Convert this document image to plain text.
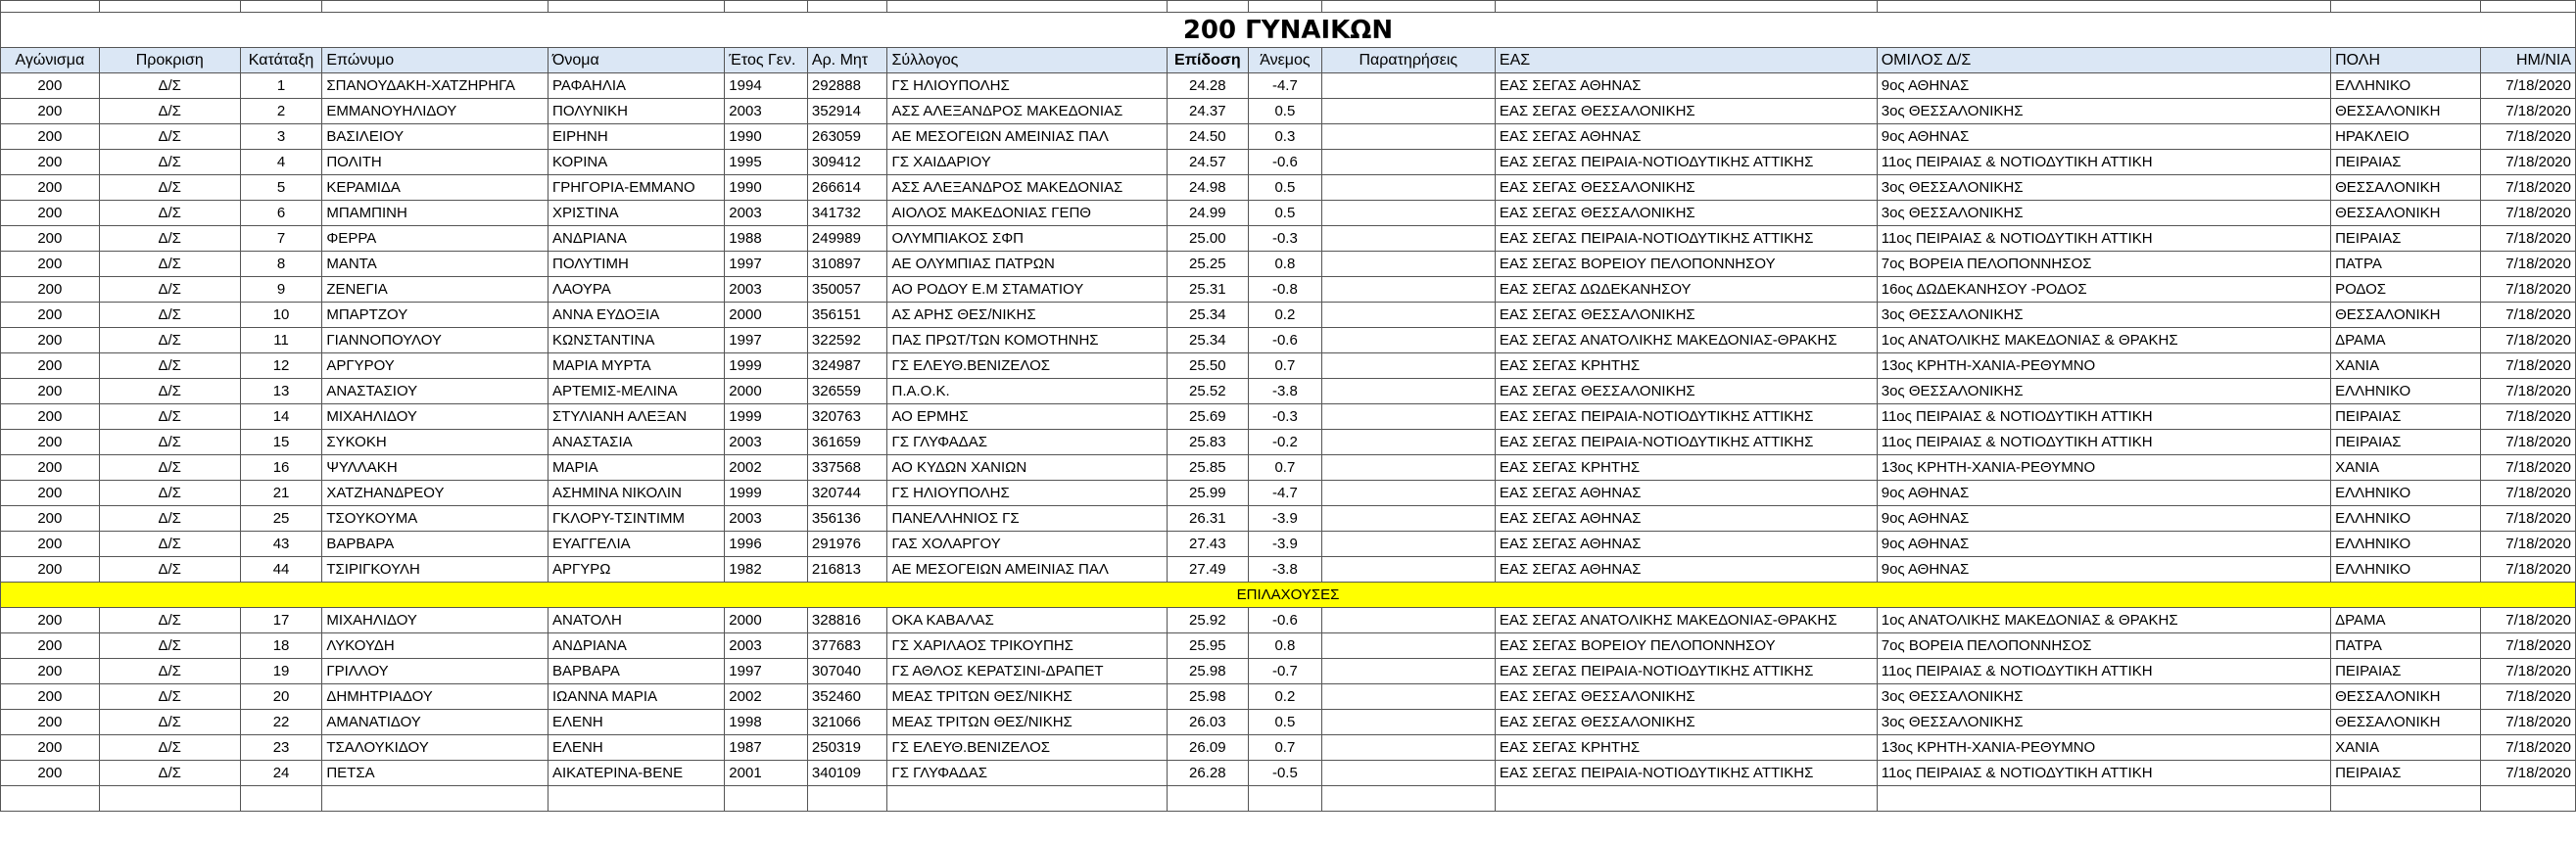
200 ΓΥΝΑΙΚΩΝ														
Αγώνισμα	Προκριση	Κατάταξη	Επώνυμο	Όνομα	Έτος Γεν.	Αρ. Μητ	Σύλλογος	Επίδοση	Άνεμος	Παρατηρήσεις	ΕΑΣ	ΟΜΙΛΟΣ Δ/Σ	ΠΟΛΗ	ΗΜ/ΝΙΑ
200	Δ/Σ	1	ΣΠΑΝΟΥΔΑΚΗ-ΧΑΤΖΗΡΗΓΑ	ΡΑΦΑΗΛΙΑ	1994	292888	ΓΣ ΗΛΙΟΥΠΟΛΗΣ	24.28	-4.7		ΕΑΣ ΣΕΓΑΣ ΑΘΗΝΑΣ	9ος ΑΘΗΝΑΣ	ΕΛΛΗΝΙΚΟ	7/18/2020
200	Δ/Σ	2	ΕΜΜΑΝΟΥΗΛΙΔΟΥ	ΠΟΛΥΝΙΚΗ	2003	352914	ΑΣΣ ΑΛΕΞΑΝΔΡΟΣ ΜΑΚΕΔΟΝΙΑΣ	24.37	0.5		ΕΑΣ ΣΕΓΑΣ ΘΕΣΣΑΛΟΝΙΚΗΣ	3ος ΘΕΣΣΑΛΟΝΙΚΗΣ	ΘΕΣΣΑΛΟΝΙΚΗ	7/18/2020
200	Δ/Σ	3	ΒΑΣΙΛΕΙΟΥ	ΕΙΡΗΝΗ	1990	263059	ΑΕ ΜΕΣΟΓΕΙΩΝ ΑΜΕΙΝΙΑΣ ΠΑΛ	24.50	0.3		ΕΑΣ ΣΕΓΑΣ ΑΘΗΝΑΣ	9ος ΑΘΗΝΑΣ	ΗΡΑΚΛΕΙΟ	7/18/2020
200	Δ/Σ	4	ΠΟΛΙΤΗ	ΚΟΡΙΝΑ	1995	309412	ΓΣ ΧΑΙΔΑΡΙΟΥ	24.57	-0.6		ΕΑΣ ΣΕΓΑΣ ΠΕΙΡΑΙΑ-ΝΟΤΙΟΔΥΤΙΚΗΣ ΑΤΤΙΚΗΣ	11ος ΠΕΙΡΑΙΑΣ & ΝΟΤΙΟΔΥΤΙΚΗ ΑΤΤΙΚΗ	ΠΕΙΡΑΙΑΣ	7/18/2020
200	Δ/Σ	5	ΚΕΡΑΜΙΔΑ	ΓΡΗΓΟΡΙΑ-ΕΜΜΑΝΟ	1990	266614	ΑΣΣ ΑΛΕΞΑΝΔΡΟΣ ΜΑΚΕΔΟΝΙΑΣ	24.98	0.5		ΕΑΣ ΣΕΓΑΣ ΘΕΣΣΑΛΟΝΙΚΗΣ	3ος ΘΕΣΣΑΛΟΝΙΚΗΣ	ΘΕΣΣΑΛΟΝΙΚΗ	7/18/2020
200	Δ/Σ	6	ΜΠΑΜΠΙΝΗ	ΧΡΙΣΤΙΝΑ	2003	341732	ΑΙΟΛΟΣ ΜΑΚΕΔΟΝΙΑΣ ΓΕΠΘ	24.99	0.5		ΕΑΣ ΣΕΓΑΣ ΘΕΣΣΑΛΟΝΙΚΗΣ	3ος ΘΕΣΣΑΛΟΝΙΚΗΣ	ΘΕΣΣΑΛΟΝΙΚΗ	7/18/2020
200	Δ/Σ	7	ΦΕΡΡΑ	ΑΝΔΡΙΑΝΑ	1988	249989	ΟΛΥΜΠΙΑΚΟΣ ΣΦΠ	25.00	-0.3		ΕΑΣ ΣΕΓΑΣ ΠΕΙΡΑΙΑ-ΝΟΤΙΟΔΥΤΙΚΗΣ ΑΤΤΙΚΗΣ	11ος ΠΕΙΡΑΙΑΣ & ΝΟΤΙΟΔΥΤΙΚΗ ΑΤΤΙΚΗ	ΠΕΙΡΑΙΑΣ	7/18/2020
200	Δ/Σ	8	ΜΑΝΤΑ	ΠΟΛΥΤΙΜΗ	1997	310897	ΑΕ ΟΛΥΜΠΙΑΣ ΠΑΤΡΩΝ	25.25	0.8		ΕΑΣ ΣΕΓΑΣ ΒΟΡΕΙΟΥ ΠΕΛΟΠΟΝΝΗΣΟΥ	7ος ΒΟΡΕΙΑ ΠΕΛΟΠΟΝΝΗΣΟΣ	ΠΑΤΡΑ	7/18/2020
200	Δ/Σ	9	ΖΕΝΕΓΙΑ	ΛΑΟΥΡΑ	2003	350057	ΑΟ ΡΟΔΟΥ Ε.Μ ΣΤΑΜΑΤΙΟΥ	25.31	-0.8		ΕΑΣ ΣΕΓΑΣ ΔΩΔΕΚΑΝΗΣΟΥ	16ος ΔΩΔΕΚΑΝΗΣΟΥ -ΡΟΔΟΣ	ΡΟΔΟΣ	7/18/2020
200	Δ/Σ	10	ΜΠΑΡΤΖΟΥ	ΑΝΝΑ ΕΥΔΟΞΙΑ	2000	356151	ΑΣ ΑΡΗΣ ΘΕΣ/ΝΙΚΗΣ	25.34	0.2		ΕΑΣ ΣΕΓΑΣ ΘΕΣΣΑΛΟΝΙΚΗΣ	3ος ΘΕΣΣΑΛΟΝΙΚΗΣ	ΘΕΣΣΑΛΟΝΙΚΗ	7/18/2020
200	Δ/Σ	11	ΓΙΑΝΝΟΠΟΥΛΟΥ	ΚΩΝΣΤΑΝΤΙΝΑ	1997	322592	ΠΑΣ ΠΡΩΤ/ΤΩΝ ΚΟΜΟΤΗΝΗΣ	25.34	-0.6		ΕΑΣ ΣΕΓΑΣ ΑΝΑΤΟΛΙΚΗΣ ΜΑΚΕΔΟΝΙΑΣ-ΘΡΑΚΗΣ	1ος ΑΝΑΤΟΛΙΚΗΣ ΜΑΚΕΔΟΝΙΑΣ & ΘΡΑΚΗΣ	ΔΡΑΜΑ	7/18/2020
200	Δ/Σ	12	ΑΡΓΥΡΟΥ	ΜΑΡΙΑ ΜΥΡΤΑ	1999	324987	ΓΣ ΕΛΕΥΘ.ΒΕΝΙΖΕΛΟΣ	25.50	0.7		ΕΑΣ ΣΕΓΑΣ ΚΡΗΤΗΣ	13ος ΚΡΗΤΗ-ΧΑΝΙΑ-ΡΕΘΥΜΝΟ	ΧΑΝΙΑ	7/18/2020
200	Δ/Σ	13	ΑΝΑΣΤΑΣΙΟΥ	ΑΡΤΕΜΙΣ-ΜΕΛΙΝΑ	2000	326559	Π.Α.Ο.Κ.	25.52	-3.8		ΕΑΣ ΣΕΓΑΣ ΘΕΣΣΑΛΟΝΙΚΗΣ	3ος ΘΕΣΣΑΛΟΝΙΚΗΣ	ΕΛΛΗΝΙΚΟ	7/18/2020
200	Δ/Σ	14	ΜΙΧΑΗΛΙΔΟΥ	ΣΤΥΛΙΑΝΗ ΑΛΕΞΑΝ	1999	320763	ΑΟ ΕΡΜΗΣ	25.69	-0.3		ΕΑΣ ΣΕΓΑΣ ΠΕΙΡΑΙΑ-ΝΟΤΙΟΔΥΤΙΚΗΣ ΑΤΤΙΚΗΣ	11ος ΠΕΙΡΑΙΑΣ & ΝΟΤΙΟΔΥΤΙΚΗ ΑΤΤΙΚΗ	ΠΕΙΡΑΙΑΣ	7/18/2020
200	Δ/Σ	15	ΣΥΚΟΚΗ	ΑΝΑΣΤΑΣΙΑ	2003	361659	ΓΣ ΓΛΥΦΑΔΑΣ	25.83	-0.2		ΕΑΣ ΣΕΓΑΣ ΠΕΙΡΑΙΑ-ΝΟΤΙΟΔΥΤΙΚΗΣ ΑΤΤΙΚΗΣ	11ος ΠΕΙΡΑΙΑΣ & ΝΟΤΙΟΔΥΤΙΚΗ ΑΤΤΙΚΗ	ΠΕΙΡΑΙΑΣ	7/18/2020
200	Δ/Σ	16	ΨΥΛΛΑΚΗ	ΜΑΡΙΑ	2002	337568	ΑΟ ΚΥΔΩΝ ΧΑΝΙΩΝ	25.85	0.7		ΕΑΣ ΣΕΓΑΣ ΚΡΗΤΗΣ	13ος ΚΡΗΤΗ-ΧΑΝΙΑ-ΡΕΘΥΜΝΟ	ΧΑΝΙΑ	7/18/2020
200	Δ/Σ	21	ΧΑΤΖΗΑΝΔΡΕΟΥ	ΑΣΗΜΙΝΑ ΝΙΚΟΛΙΝ	1999	320744	ΓΣ ΗΛΙΟΥΠΟΛΗΣ	25.99	-4.7		ΕΑΣ ΣΕΓΑΣ ΑΘΗΝΑΣ	9ος ΑΘΗΝΑΣ	ΕΛΛΗΝΙΚΟ	7/18/2020
200	Δ/Σ	25	ΤΣΟΥΚΟΥΜΑ	ΓΚΛΟΡΥ-ΤΣΙΝΤΙΜΜ	2003	356136	ΠΑΝΕΛΛΗΝΙΟΣ ΓΣ	26.31	-3.9		ΕΑΣ ΣΕΓΑΣ ΑΘΗΝΑΣ	9ος ΑΘΗΝΑΣ	ΕΛΛΗΝΙΚΟ	7/18/2020
200	Δ/Σ	43	ΒΑΡΒΑΡΑ	ΕΥΑΓΓΕΛΙΑ	1996	291976	ΓΑΣ ΧΟΛΑΡΓΟΥ	27.43	-3.9		ΕΑΣ ΣΕΓΑΣ ΑΘΗΝΑΣ	9ος ΑΘΗΝΑΣ	ΕΛΛΗΝΙΚΟ	7/18/2020
200	Δ/Σ	44	ΤΣΙΡΙΓΚΟΥΛΗ	ΑΡΓΥΡΩ	1982	216813	ΑΕ ΜΕΣΟΓΕΙΩΝ ΑΜΕΙΝΙΑΣ ΠΑΛ	27.49	-3.8		ΕΑΣ ΣΕΓΑΣ ΑΘΗΝΑΣ	9ος ΑΘΗΝΑΣ	ΕΛΛΗΝΙΚΟ	7/18/2020
ΕΠΙΛΑΧΟΥΣΕΣ														
200	Δ/Σ	17	ΜΙΧΑΗΛΙΔΟΥ	ΑΝΑΤΟΛΗ	2000	328816	ΟΚΑ ΚΑΒΑΛΑΣ	25.92	-0.6		ΕΑΣ ΣΕΓΑΣ ΑΝΑΤΟΛΙΚΗΣ ΜΑΚΕΔΟΝΙΑΣ-ΘΡΑΚΗΣ	1ος ΑΝΑΤΟΛΙΚΗΣ ΜΑΚΕΔΟΝΙΑΣ & ΘΡΑΚΗΣ	ΔΡΑΜΑ	7/18/2020
200	Δ/Σ	18	ΛΥΚΟΥΔΗ	ΑΝΔΡΙΑΝΑ	2003	377683	ΓΣ ΧΑΡΙΛΑΟΣ ΤΡΙΚΟΥΠΗΣ	25.95	0.8		ΕΑΣ ΣΕΓΑΣ ΒΟΡΕΙΟΥ ΠΕΛΟΠΟΝΝΗΣΟΥ	7ος ΒΟΡΕΙΑ ΠΕΛΟΠΟΝΝΗΣΟΣ	ΠΑΤΡΑ	7/18/2020
200	Δ/Σ	19	ΓΡΙΛΛΟΥ	ΒΑΡΒΑΡΑ	1997	307040	ΓΣ ΑΘΛΟΣ ΚΕΡΑΤΣΙΝΙ-ΔΡΑΠΕΤ	25.98	-0.7		ΕΑΣ ΣΕΓΑΣ ΠΕΙΡΑΙΑ-ΝΟΤΙΟΔΥΤΙΚΗΣ ΑΤΤΙΚΗΣ	11ος ΠΕΙΡΑΙΑΣ & ΝΟΤΙΟΔΥΤΙΚΗ ΑΤΤΙΚΗ	ΠΕΙΡΑΙΑΣ	7/18/2020
200	Δ/Σ	20	ΔΗΜΗΤΡΙΑΔΟΥ	ΙΩΑΝΝΑ ΜΑΡΙΑ	2002	352460	ΜΕΑΣ ΤΡΙΤΩΝ ΘΕΣ/ΝΙΚΗΣ	25.98	0.2		ΕΑΣ ΣΕΓΑΣ ΘΕΣΣΑΛΟΝΙΚΗΣ	3ος ΘΕΣΣΑΛΟΝΙΚΗΣ	ΘΕΣΣΑΛΟΝΙΚΗ	7/18/2020
200	Δ/Σ	22	ΑΜΑΝΑΤΙΔΟΥ	ΕΛΕΝΗ	1998	321066	ΜΕΑΣ ΤΡΙΤΩΝ ΘΕΣ/ΝΙΚΗΣ	26.03	0.5		ΕΑΣ ΣΕΓΑΣ ΘΕΣΣΑΛΟΝΙΚΗΣ	3ος ΘΕΣΣΑΛΟΝΙΚΗΣ	ΘΕΣΣΑΛΟΝΙΚΗ	7/18/2020
200	Δ/Σ	23	ΤΣΑΛΟΥΚΙΔΟΥ	ΕΛΕΝΗ	1987	250319	ΓΣ ΕΛΕΥΘ.ΒΕΝΙΖΕΛΟΣ	26.09	0.7		ΕΑΣ ΣΕΓΑΣ ΚΡΗΤΗΣ	13ος ΚΡΗΤΗ-ΧΑΝΙΑ-ΡΕΘΥΜΝΟ	ΧΑΝΙΑ	7/18/2020
200	Δ/Σ	24	ΠΕΤΣΑ	ΑΙΚΑΤΕΡΙΝΑ-ΒΕΝΕ	2001	340109	ΓΣ ΓΛΥΦΑΔΑΣ	26.28	-0.5		ΕΑΣ ΣΕΓΑΣ ΠΕΙΡΑΙΑ-ΝΟΤΙΟΔΥΤΙΚΗΣ ΑΤΤΙΚΗΣ	11ος ΠΕΙΡΑΙΑΣ & ΝΟΤΙΟΔΥΤΙΚΗ ΑΤΤΙΚΗ	ΠΕΙΡΑΙΑΣ	7/18/2020
